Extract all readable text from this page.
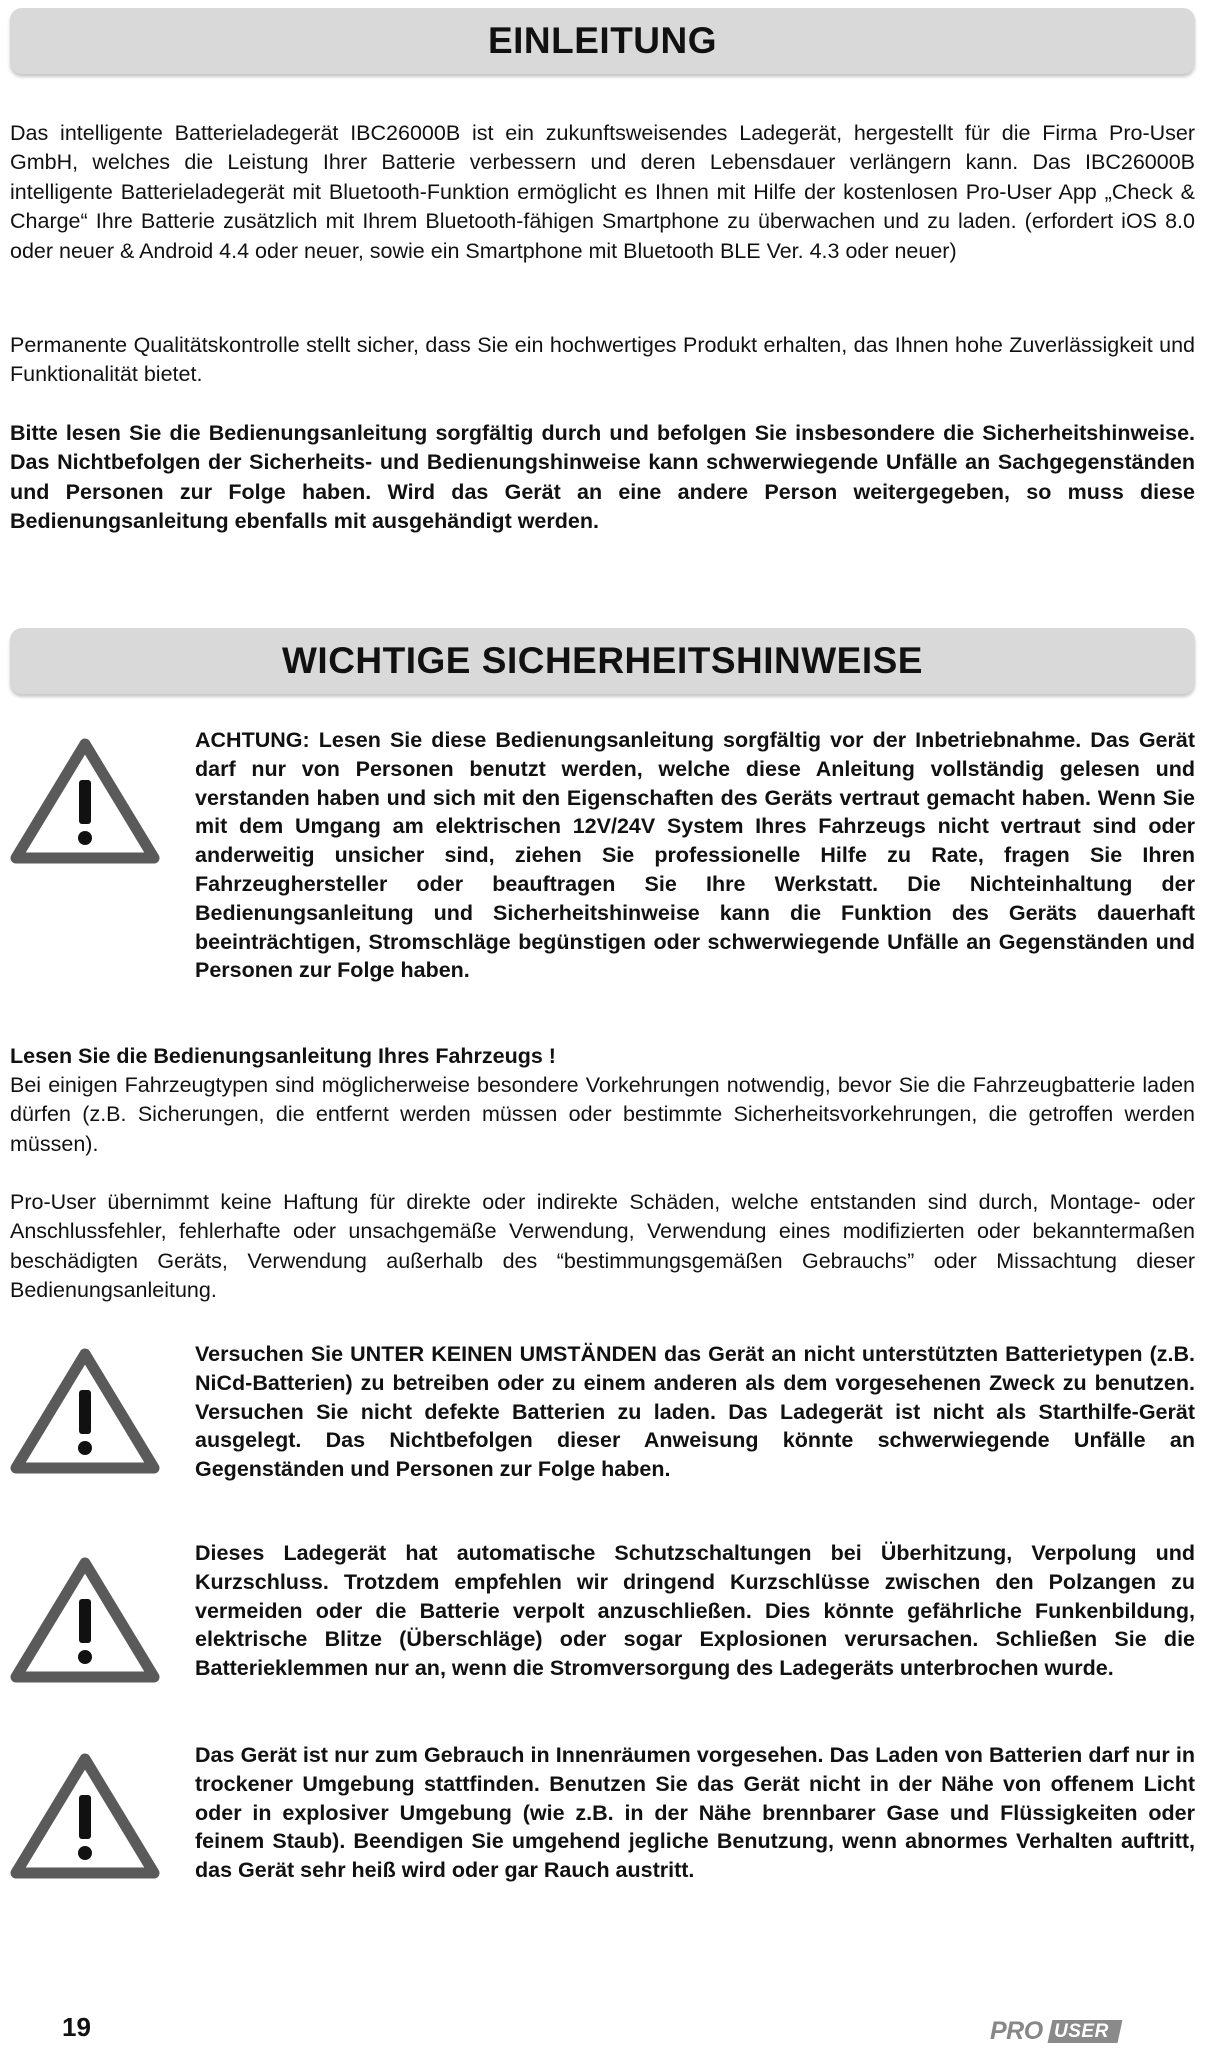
EINLEITUNG

Das intelligente Batterieladegerät IBC26000B ist ein zukunftsweisendes Ladegerät, hergestellt für die Firma Pro-User GmbH, welches die Leistung Ihrer Batterie verbessern und deren Lebensdauer verlängern kann. Das IBC26000B intelligente Batterieladegerät mit Bluetooth-Funktion ermöglicht es Ihnen mit Hilfe der kostenlosen Pro-User App „Check & Charge“ Ihre Batterie zusätzlich mit Ihrem Bluetooth-fähigen Smartphone zu überwachen und zu laden. (erfordert iOS 8.0 oder neuer & Android 4.4 oder neuer, sowie ein Smartphone mit Bluetooth BLE Ver. 4.3 oder neuer)

Permanente Qualitätskontrolle stellt sicher, dass Sie ein hochwertiges Produkt erhalten, das Ihnen hohe Zuverlässigkeit und Funktionalität bietet.

Bitte lesen Sie die Bedienungsanleitung sorgfältig durch und befolgen Sie insbesondere die Sicherheitshinweise. Das Nichtbefolgen der Sicherheits- und Bedienungshinweise kann schwerwiegende Unfälle an Sachgegenständen und Personen zur Folge haben. Wird das Gerät an eine andere Person weitergegeben, so muss diese Bedienungsanleitung ebenfalls mit ausgehändigt werden.

WICHTIGE SICHERHEITSHINWEISE

ACHTUNG: Lesen Sie diese Bedienungsanleitung sorgfältig vor der Inbetriebnahme. Das Gerät darf nur von Personen benutzt werden, welche diese Anleitung vollständig gelesen und verstanden haben und sich mit den Eigenschaften des Geräts vertraut gemacht haben. Wenn Sie mit dem Umgang am elektrischen 12V/24V System Ihres Fahrzeugs nicht vertraut sind oder anderweitig unsicher sind, ziehen Sie professionelle Hilfe zu Rate, fragen Sie Ihren Fahrzeughersteller oder beauftragen Sie Ihre Werkstatt. Die Nichteinhaltung der Bedienungsanleitung und Sicherheitshinweise kann die Funktion des Geräts dauerhaft beeinträchtigen, Stromschläge begünstigen oder schwerwiegende Unfälle an Gegenständen und Personen zur Folge haben.

Lesen Sie die Bedienungsanleitung Ihres Fahrzeugs !

Bei einigen Fahrzeugtypen sind möglicherweise besondere Vorkehrungen notwendig, bevor Sie die Fahrzeugbatterie laden dürfen (z.B. Sicherungen, die entfernt werden müssen oder bestimmte Sicherheitsvorkehrungen, die getroffen werden müssen).

Pro-User übernimmt keine Haftung für direkte oder indirekte Schäden, welche entstanden sind durch, Montage- oder Anschlussfehler, fehlerhafte oder unsachgemäße Verwendung, Verwendung eines modifizierten oder bekanntermaßen beschädigten Geräts, Verwendung außerhalb des “bestimmungsgemäßen Gebrauchs” oder Missachtung dieser Bedienungsanleitung.

Versuchen Sie UNTER KEINEN UMSTÄNDEN das Gerät an nicht unterstützten Batterietypen (z.B. NiCd-Batterien) zu betreiben oder zu einem anderen als dem vorgesehenen Zweck zu benutzen. Versuchen Sie nicht defekte Batterien zu laden. Das Ladegerät ist nicht als Starthilfe-Gerät ausgelegt. Das Nichtbefolgen dieser Anweisung könnte schwerwiegende Unfälle an Gegenständen und Personen zur Folge haben.

Dieses Ladegerät hat automatische Schutzschaltungen bei Überhitzung, Verpolung und Kurzschluss. Trotzdem empfehlen wir dringend Kurzschlüsse zwischen den Polzangen zu vermeiden oder die Batterie verpolt anzuschließen. Dies könnte gefährliche Funkenbildung, elektrische Blitze (Überschläge) oder sogar Explosionen verursachen. Schließen Sie die Batterieklemmen nur an, wenn die Stromversorgung des Ladegeräts unterbrochen wurde.

Das Gerät ist nur zum Gebrauch in Innenräumen vorgesehen. Das Laden von Batterien darf nur in trockener Umgebung stattfinden. Benutzen Sie das Gerät nicht in der Nähe von offenem Licht oder in explosiver Umgebung (wie z.B. in der Nähe brennbarer Gase und Flüssigkeiten oder feinem Staub). Beendigen Sie umgehend jegliche Benutzung, wenn abnormes Verhalten auftritt, das Gerät sehr heiß wird oder gar Rauch austritt.

19	PRO USER
